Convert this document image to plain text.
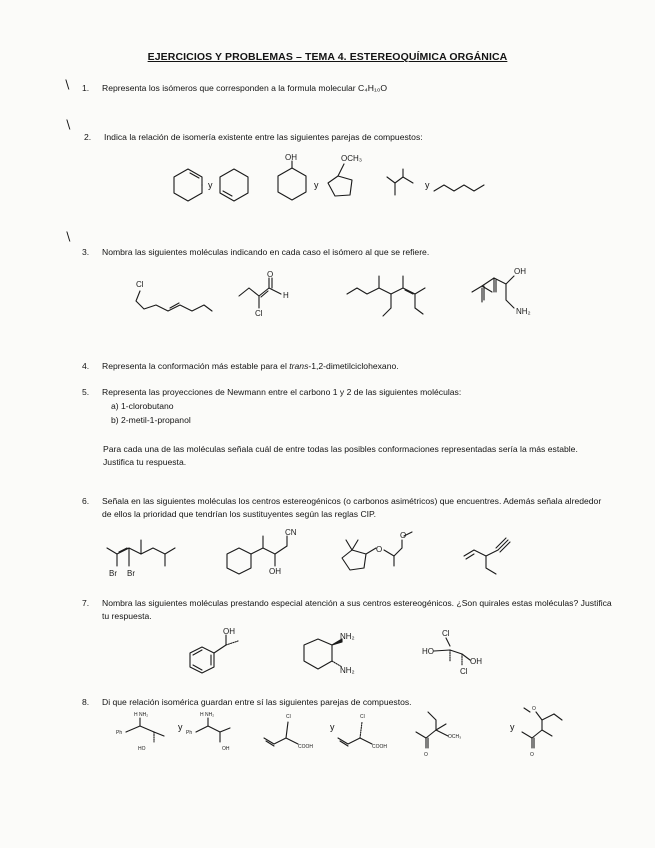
EJERCICIOS Y PROBLEMAS – TEMA 4. ESTEREOQUÍMICA ORGÁNICA
∖
∖
∖
1. Representa los isómeros que corresponden a la formula molecular C₄H₁₀O
2. Indica la relación de isomería existente entre las siguientes parejas de compuestos:
y
OH
y
OCH₃
y
3. Nombra las siguientes moléculas indicando en cada caso el isómero al que se refiere.
Cl
O
H
Cl
OH
NH₂
4. Representa la conformación más estable para el trans-1,2-dimetilciclohexano.
5. Representa las proyecciones de Newmann entre el carbono 1 y 2 de las siguientes moléculas:
a) 1-clorobutano
b) 2-metil-1-propanol
Para cada una de las moléculas señala cuál de entre todas las posibles conformaciones representadas sería la más estable. Justifica tu respuesta.
6. Señala en las siguientes moléculas los centros estereogénicos (o carbonos asimétricos) que encuentres. Además señala alrededor de ellos la prioridad que tendrían los sustituyentes según las reglas CIP.
Br Br
CN
OH
O
O
7. Nombra las siguientes moléculas prestando especial atención a sus centros estereogénicos. ¿Son quirales estas moléculas? Justifica tu respuesta.
OH
NH₂
NH₂
Cl
HO
OH
Cl
8. Di que relación isomérica guardan entre sí las siguientes parejas de compuestos.
H NH₂
Ph
HO
y
H NH₂
Ph
OH
Cl
COOH
y
Cl
COOH
O
OCH₃
y
O
O
